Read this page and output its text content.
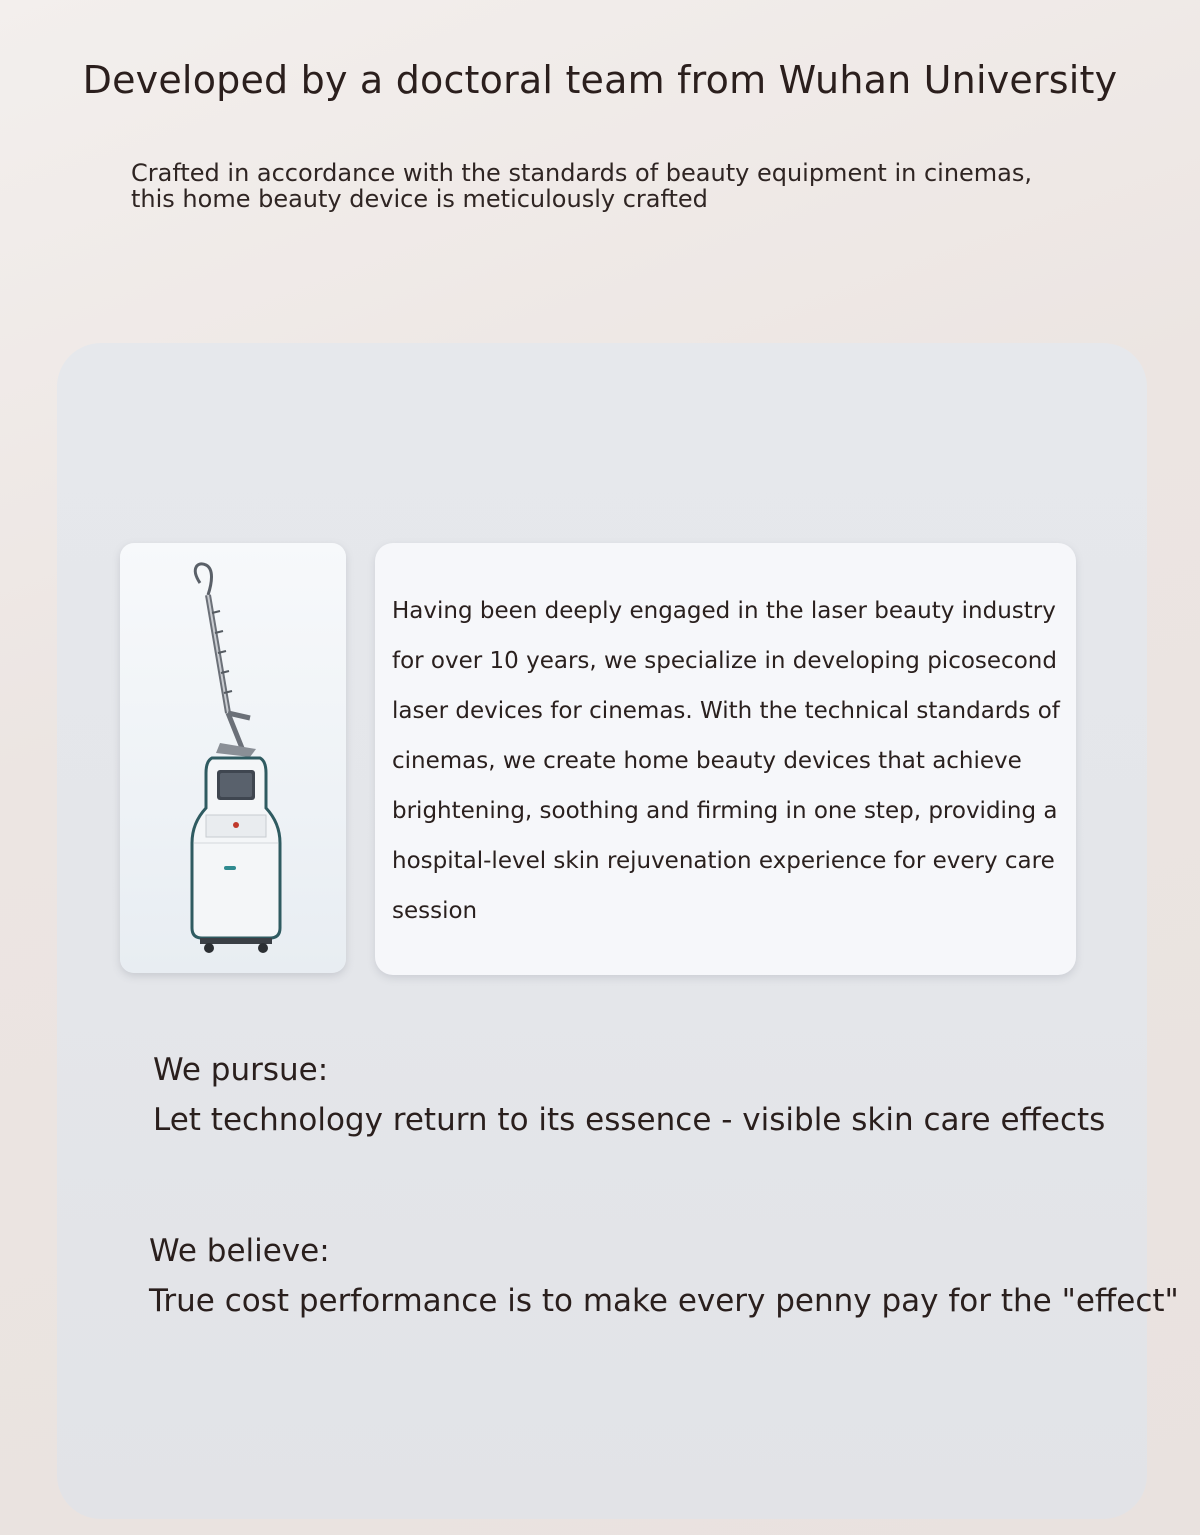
Developed by a doctoral team from Wuhan University

Crafted in accordance with the standards of beauty equipment in cinemas,
this home beauty device is meticulously crafted

Having been deeply engaged in the laser beauty industry for over 10 years, we specialize in developing picosecond laser devices for cinemas. With the technical standards of cinemas, we create home beauty devices that achieve brightening, soothing and firming in one step, providing a hospital-level skin rejuvenation experience for every care session

We pursue:
Let technology return to its essence - visible skin care effects
We believe:
True cost performance is to make every penny pay for the "effect"
